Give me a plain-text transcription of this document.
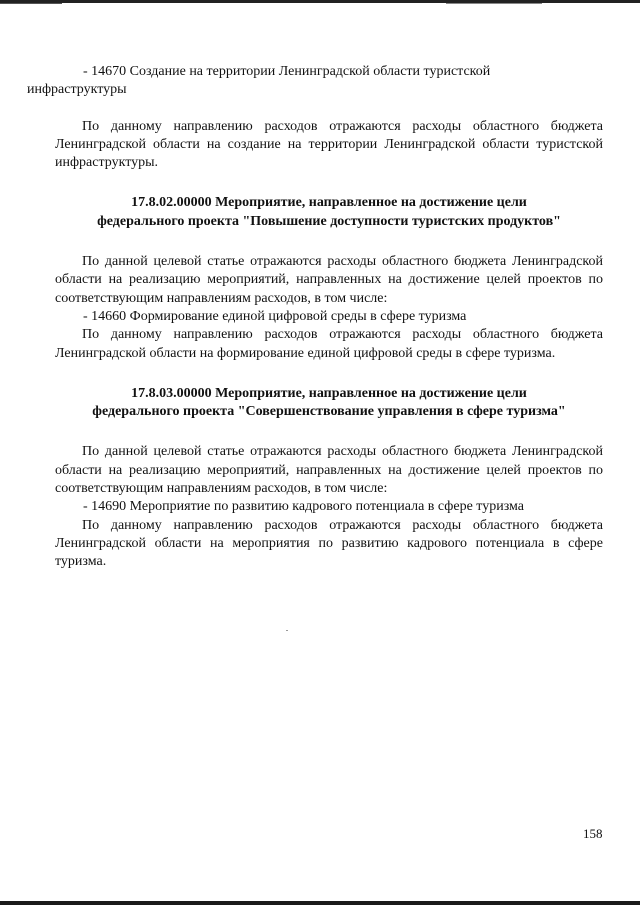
- 14670 Создание на территории Ленинградской области туристской
инфраструктуры

По данному направлению расходов отражаются расходы областного бюджета Ленинградской области на создание на территории Ленинградской области туристской инфраструктуры.

17.8.02.00000 Мероприятие, направленное на достижение цели
федерального проекта "Повышение доступности туристских продуктов"

По данной целевой статье отражаются расходы областного бюджета Ленинградской области на реализацию мероприятий, направленных на достижение целей проектов по соответствующим направлениям расходов, в том числе:

- 14660 Формирование единой цифровой среды в сфере туризма

По данному направлению расходов отражаются расходы областного бюджета Ленинградской области на формирование единой цифровой среды в сфере туризма.

17.8.03.00000 Мероприятие, направленное на достижение цели
федерального проекта "Совершенствование управления в сфере туризма"

По данной целевой статье отражаются расходы областного бюджета Ленинградской области на реализацию мероприятий, направленных на достижение целей проектов по соответствующим направлениям расходов, в том числе:

- 14690 Мероприятие по развитию кадрового потенциала в сфере туризма

По данному направлению расходов отражаются расходы областного бюджета Ленинградской области на мероприятия по развитию кадрового потенциала в сфере туризма.

158
